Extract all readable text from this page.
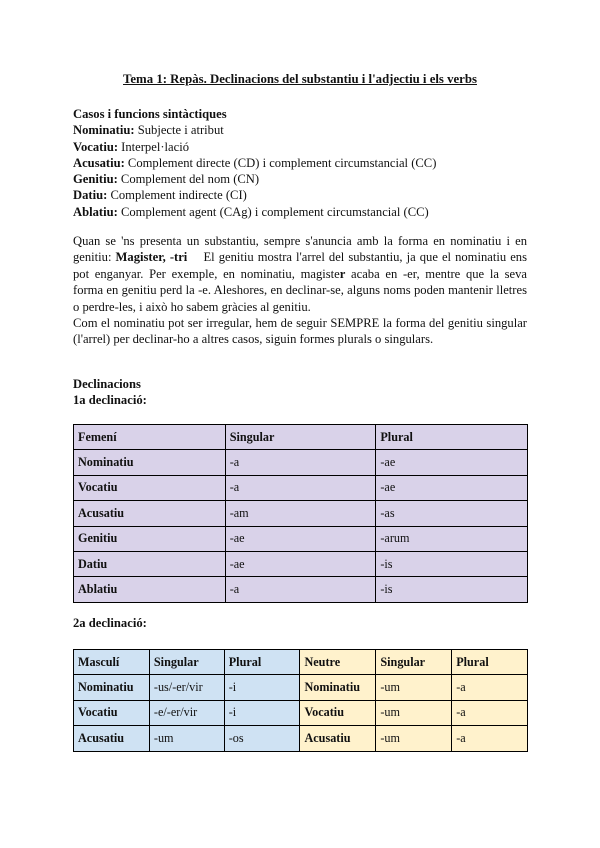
Tema 1: Repàs. Declinacions del substantiu i l'adjectiu i els verbs
Casos i funcions sintàctiques
Nominatiu: Subjecte i atribut
Vocatiu: Interpel·lació
Acusatiu: Complement directe (CD) i complement circumstancial (CC)
Genitiu: Complement del nom (CN)
Datiu: Complement indirecte (CI)
Ablatiu: Complement agent (CAg) i complement circumstancial (CC)

Quan se 'ns presenta un substantiu, sempre s'anuncia amb la forma en nominatiu i en genitiu: Magister, -tri    El genitiu mostra l'arrel del substantiu, ja que el nominatiu ens pot enganyar. Per exemple, en nominatiu, magister acaba en -er, mentre que la seva forma en genitiu perd la -e. Aleshores, en declinar-se, alguns noms poden mantenir lletres o perdre-les, i això ho sabem gràcies al genitiu.

Com el nominatiu pot ser irregular, hem de seguir SEMPRE la forma del genitiu singular (l'arrel) per declinar-ho a altres casos, siguin formes plurals o singulars.

Declinacions
1a declinació:
Femení	Singular	Plural
Nominatiu	-a	-ae
Vocatiu	-a	-ae
Acusatiu	-am	-as
Genitiu	-ae	-arum
Datiu	-ae	-is
Ablatiu	-a	-is
2a declinació:
Masculí	Singular	Plural	Neutre	Singular	Plural
Nominatiu	-us/-er/vir	-i	Nominatiu	-um	-a
Vocatiu	-e/-er/vir	-i	Vocatiu	-um	-a
Acusatiu	-um	-os	Acusatiu	-um	-a
